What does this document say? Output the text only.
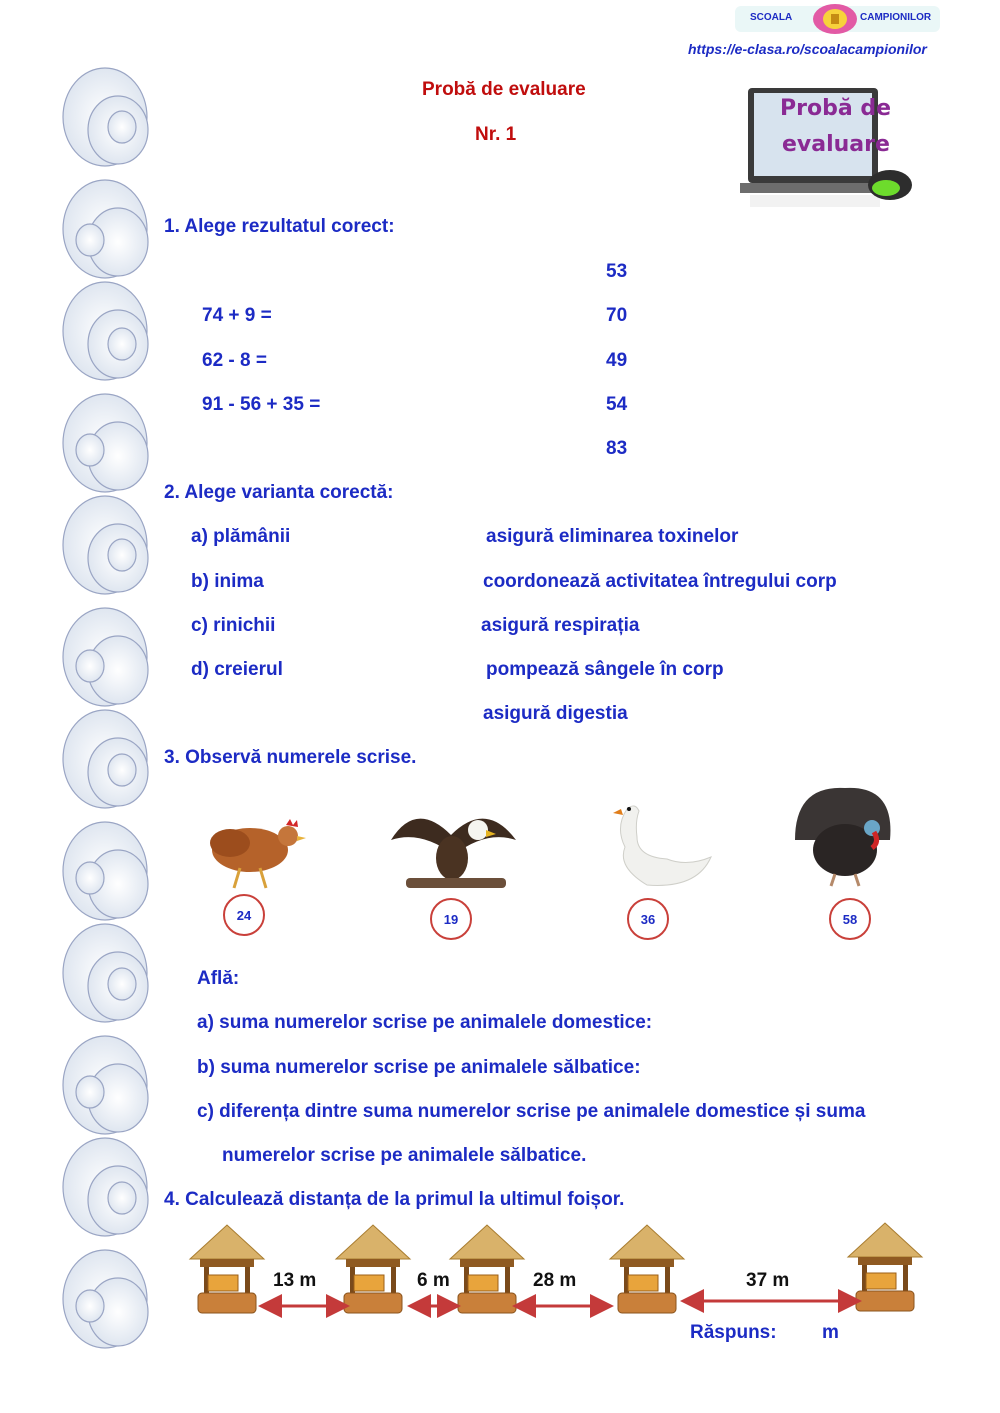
SCOALA	CAMPIONILOR
https://e-clasa.ro/scoalacampionilor
Probă de evaluare
Nr. 1
Probă de
evaluare
1. Alege rezultatul corect:
74 + 9 =
62 - 8 =
91 - 56 + 35 =
53
70
49
54
83
2. Alege varianta corectă:
a) plămânii
b) inima
c) rinichii
d) creierul
asigură eliminarea toxinelor
coordonează activitatea întregului corp
asigură respirația
pompează sângele în corp
asigură digestia
3. Observă numerele scrise.
24	19	36	58
Află:
a) suma numerelor scrise pe animalele domestice:
b) suma numerelor scrise pe animalele sălbatice:
c) diferența dintre suma numerelor scrise pe animalele domestice și suma
numerelor scrise pe animalele sălbatice.
4. Calculează distanța de la primul la ultimul foișor.
13 m	6 m	28 m	37 m
Răspuns: m
